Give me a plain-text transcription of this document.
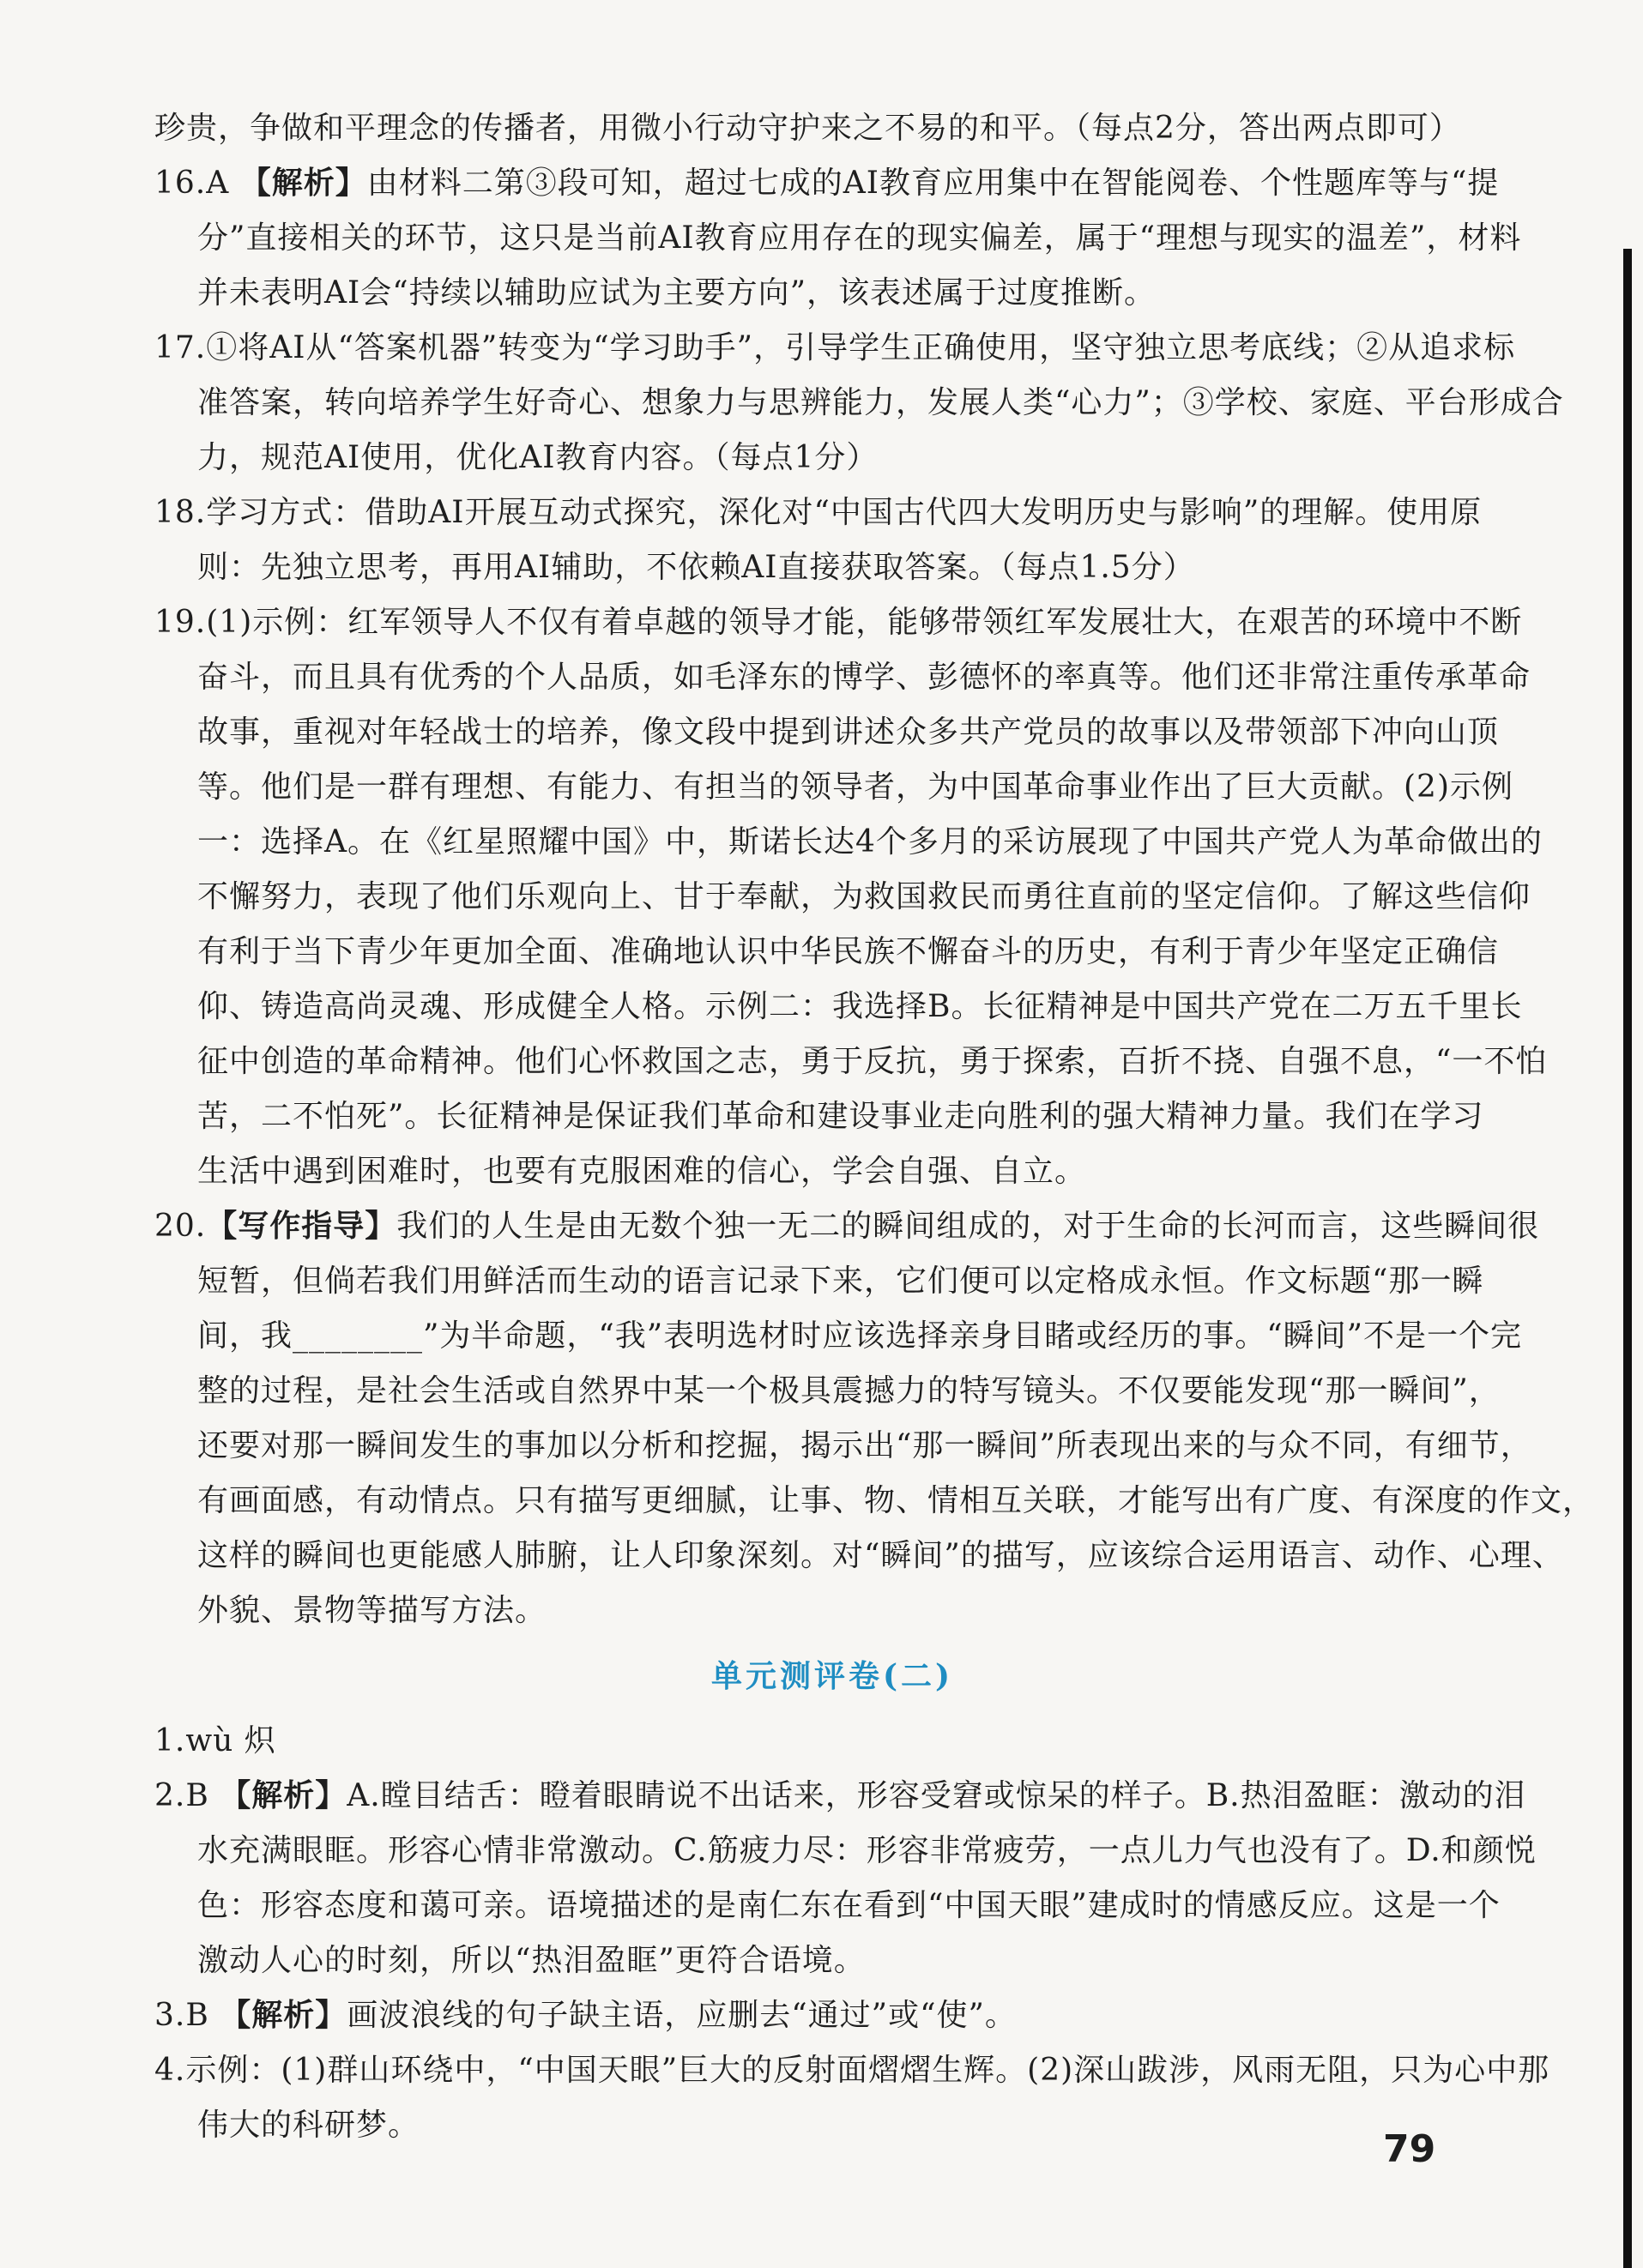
珍贵，争做和平理念的传播者，用微小行动守护来之不易的和平。（每点2分，答出两点即可）
16.A 【解析】由材料二第③段可知，超过七成的AI教育应用集中在智能阅卷、个性题库等与“提
分”直接相关的环节，这只是当前AI教育应用存在的现实偏差，属于“理想与现实的温差”，材料
并未表明AI会“持续以辅助应试为主要方向”，该表述属于过度推断。
17.①将AI从“答案机器”转变为“学习助手”，引导学生正确使用，坚守独立思考底线；②从追求标
准答案，转向培养学生好奇心、想象力与思辨能力，发展人类“心力”；③学校、家庭、平台形成合
力，规范AI使用，优化AI教育内容。（每点1分）
18.学习方式：借助AI开展互动式探究，深化对“中国古代四大发明历史与影响”的理解。使用原
则：先独立思考，再用AI辅助，不依赖AI直接获取答案。（每点1.5分）
19.(1)示例：红军领导人不仅有着卓越的领导才能，能够带领红军发展壮大，在艰苦的环境中不断
奋斗，而且具有优秀的个人品质，如毛泽东的博学、彭德怀的率真等。他们还非常注重传承革命
故事，重视对年轻战士的培养，像文段中提到讲述众多共产党员的故事以及带领部下冲向山顶
等。他们是一群有理想、有能力、有担当的领导者，为中国革命事业作出了巨大贡献。(2)示例
一：选择A。在《红星照耀中国》中，斯诺长达4个多月的采访展现了中国共产党人为革命做出的
不懈努力，表现了他们乐观向上、甘于奉献，为救国救民而勇往直前的坚定信仰。了解这些信仰
有利于当下青少年更加全面、准确地认识中华民族不懈奋斗的历史，有利于青少年坚定正确信
仰、铸造高尚灵魂、形成健全人格。示例二：我选择B。长征精神是中国共产党在二万五千里长
征中创造的革命精神。他们心怀救国之志，勇于反抗，勇于探索，百折不挠、自强不息，“一不怕
苦，二不怕死”。长征精神是保证我们革命和建设事业走向胜利的强大精神力量。我们在学习
生活中遇到困难时，也要有克服困难的信心，学会自强、自立。
20.【写作指导】我们的人生是由无数个独一无二的瞬间组成的，对于生命的长河而言，这些瞬间很
短暂，但倘若我们用鲜活而生动的语言记录下来，它们便可以定格成永恒。作文标题“那一瞬
间，我________”为半命题，“我”表明选材时应该选择亲身目睹或经历的事。“瞬间”不是一个完
整的过程，是社会生活或自然界中某一个极具震撼力的特写镜头。不仅要能发现“那一瞬间”，
还要对那一瞬间发生的事加以分析和挖掘，揭示出“那一瞬间”所表现出来的与众不同，有细节，
有画面感，有动情点。只有描写更细腻，让事、物、情相互关联，才能写出有广度、有深度的作文，
这样的瞬间也更能感人肺腑，让人印象深刻。对“瞬间”的描写，应该综合运用语言、动作、心理、
外貌、景物等描写方法。
单元测评卷(二)
1.wù 炽
2.B 【解析】A.瞠目结舌：瞪着眼睛说不出话来，形容受窘或惊呆的样子。B.热泪盈眶：激动的泪
水充满眼眶。形容心情非常激动。C.筋疲力尽：形容非常疲劳，一点儿力气也没有了。D.和颜悦
色：形容态度和蔼可亲。语境描述的是南仁东在看到“中国天眼”建成时的情感反应。这是一个
激动人心的时刻，所以“热泪盈眶”更符合语境。
3.B 【解析】画波浪线的句子缺主语，应删去“通过”或“使”。
4.示例：(1)群山环绕中，“中国天眼”巨大的反射面熠熠生辉。(2)深山跋涉，风雨无阻，只为心中那
伟大的科研梦。
79
